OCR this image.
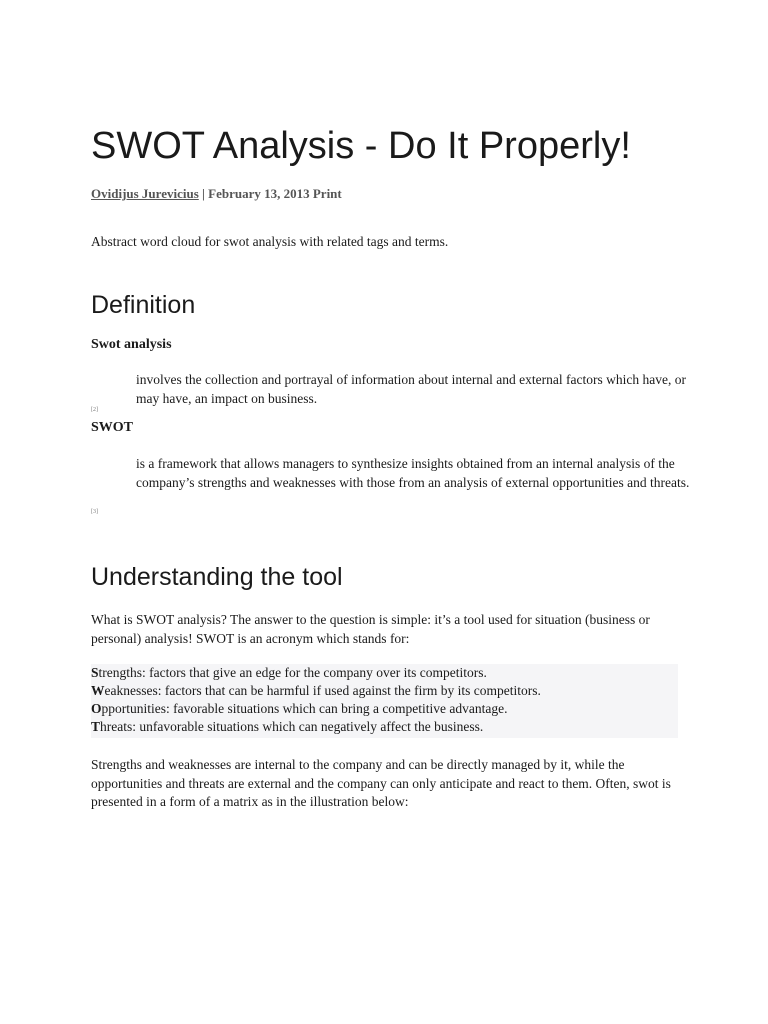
SWOT Analysis - Do It Properly!
Ovidijus Jurevicius | February 13, 2013 Print
Abstract word cloud for swot analysis with related tags and terms.
Definition
Swot analysis
involves the collection and portrayal of information about internal and external factors which have, or may have, an impact on business.
[2]
SWOT
is a framework that allows managers to synthesize insights obtained from an internal analysis of the company’s strengths and weaknesses with those from an analysis of external opportunities and threats.
[3]
Understanding the tool
What is SWOT analysis? The answer to the question is simple: it’s a tool used for situation (business or personal) analysis! SWOT is an acronym which stands for:
Strengths: factors that give an edge for the company over its competitors.
Weaknesses: factors that can be harmful if used against the firm by its competitors.
Opportunities: favorable situations which can bring a competitive advantage.
Threats: unfavorable situations which can negatively affect the business.
Strengths and weaknesses are internal to the company and can be directly managed by it, while the opportunities and threats are external and the company can only anticipate and react to them. Often, swot is presented in a form of a matrix as in the illustration below:
